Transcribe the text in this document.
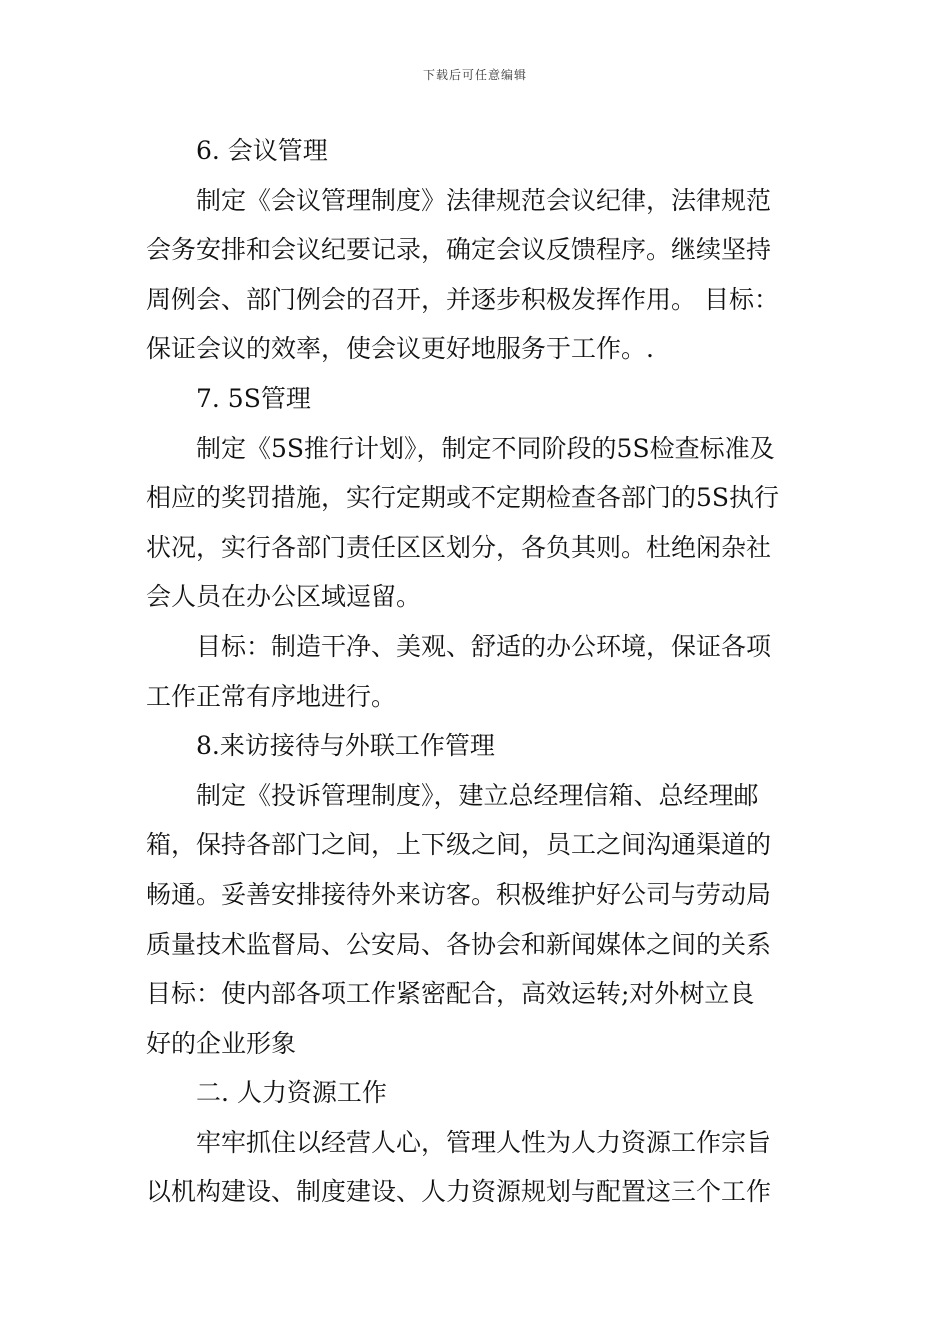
下载后可任意编辑
6. 会议管理
制定《会议管理制度》法律规范会议纪律，法律规范
会务安排和会议纪要记录，确定会议反馈程序。继续坚持
周例会、部门例会的召开，并逐步积极发挥作用。 目标：
保证会议的效率，使会议更好地服务于工作。.
7. 5S管理
制定《5S推行计划》，制定不同阶段的5S检查标准及
相应的奖罚措施，实行定期或不定期检查各部门的5S执行
状况，实行各部门责任区区划分，各负其则。杜绝闲杂社
会人员在办公区域逗留。
目标：制造干净、美观、舒适的办公环境，保证各项
工作正常有序地进行。
8.来访接待与外联工作管理
制定《投诉管理制度》，建立总经理信箱、总经理邮
箱，保持各部门之间，上下级之间，员工之间沟通渠道的
畅通。妥善安排接待外来访客。积极维护好公司与劳动局
质量技术监督局、公安局、各协会和新闻媒体之间的关系
目标：使内部各项工作紧密配合，高效运转;对外树立良
好的企业形象
二. 人力资源工作
牢牢抓住以经营人心，管理人性为人力资源工作宗旨
以机构建设、制度建设、人力资源规划与配置这三个工作
